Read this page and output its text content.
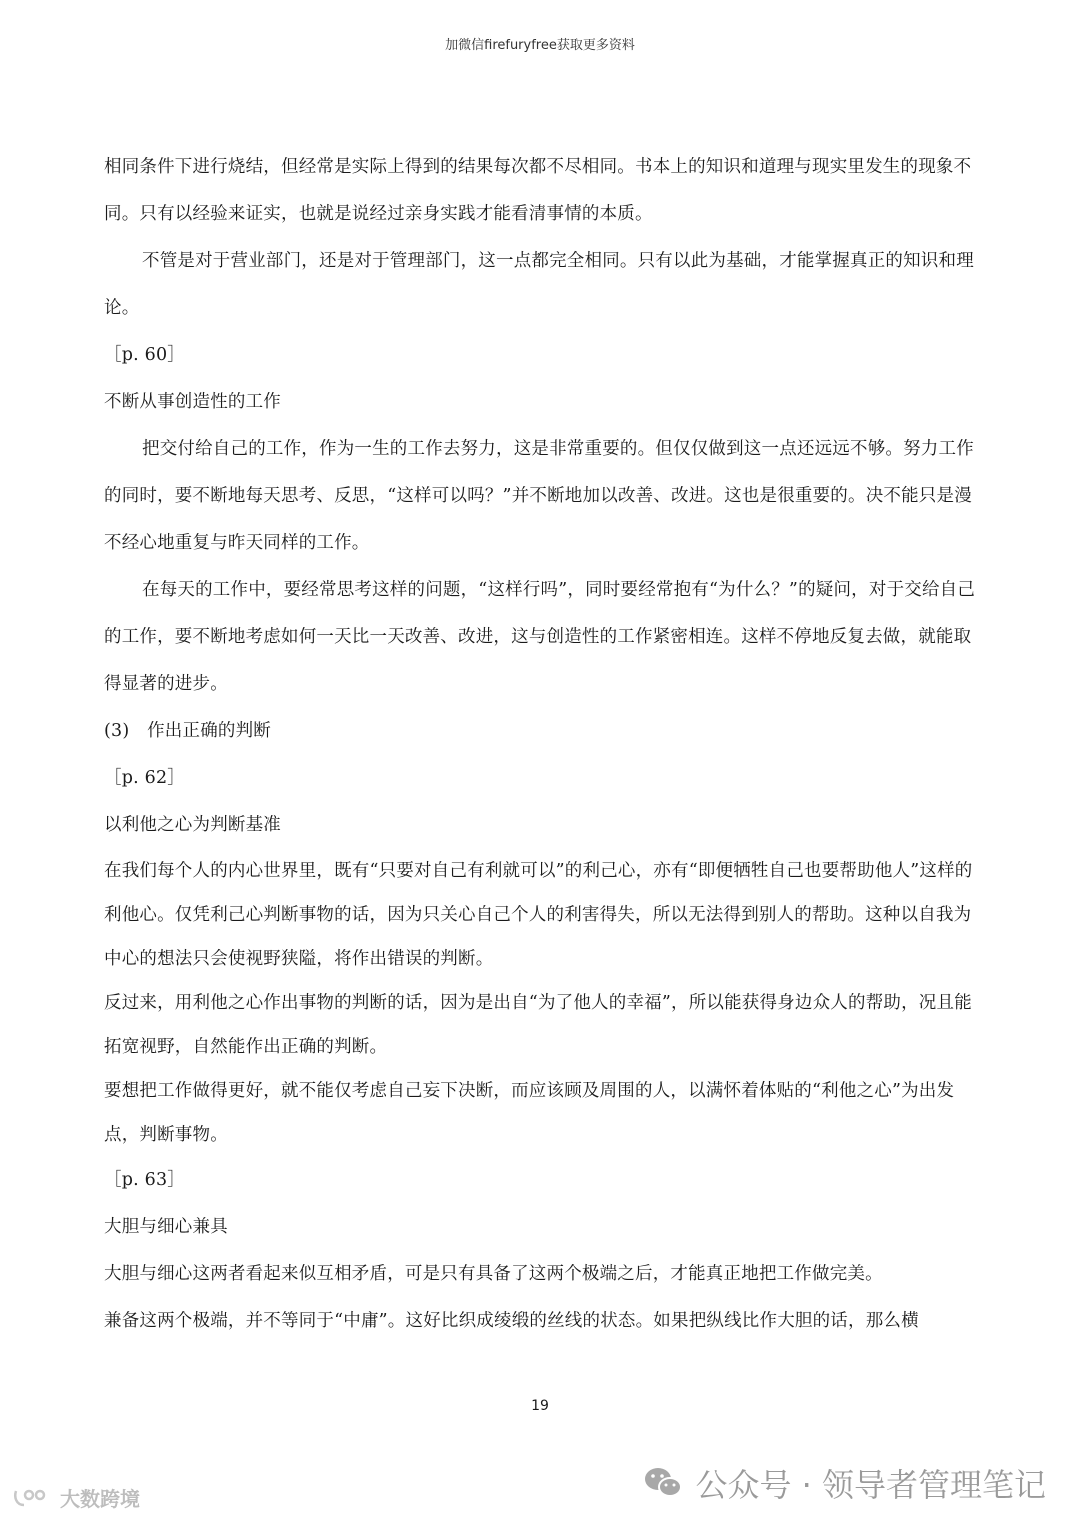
加微信firefuryfree获取更多资料

相同条件下进行烧结，但经常是实际上得到的结果每次都不尽相同。书本上的知识和道理与现实里发生的现象不同。只有以经验来证实，也就是说经过亲身实践才能看清事情的本质。

不管是对于营业部门，还是对于管理部门，这一点都完全相同。只有以此为基础，才能掌握真正的知识和理论。

［p. 60］

不断从事创造性的工作

把交付给自己的工作，作为一生的工作去努力，这是非常重要的。但仅仅做到这一点还远远不够。努力工作的同时，要不断地每天思考、反思，“这样可以吗？”并不断地加以改善、改进。这也是很重要的。决不能只是漫不经心地重复与昨天同样的工作。

在每天的工作中，要经常思考这样的问题，“这样行吗”，同时要经常抱有“为什么？”的疑问，对于交给自己的工作，要不断地考虑如何一天比一天改善、改进，这与创造性的工作紧密相连。这样不停地反复去做，就能取得显著的进步。

(3)　作出正确的判断

［p. 62］

以利他之心为判断基准

在我们每个人的内心世界里，既有“只要对自己有利就可以”的利己心，亦有“即便牺牲自己也要帮助他人”这样的利他心。仅凭利己心判断事物的话，因为只关心自己个人的利害得失，所以无法得到别人的帮助。这种以自我为中心的想法只会使视野狭隘，将作出错误的判断。

反过来，用利他之心作出事物的判断的话，因为是出自“为了他人的幸福”，所以能获得身边众人的帮助，况且能拓宽视野，自然能作出正确的判断。

要想把工作做得更好，就不能仅考虑自己妄下决断，而应该顾及周围的人，以满怀着体贴的“利他之心”为出发点，判断事物。

［p. 63］

大胆与细心兼具

大胆与细心这两者看起来似互相矛盾，可是只有具备了这两个极端之后，才能真正地把工作做完美。

兼备这两个极端，并不等同于“中庸”。这好比织成绫缎的丝线的状态。如果把纵线比作大胆的话，那么横

19
大数跨境	公众号 · 领导者管理笔记
